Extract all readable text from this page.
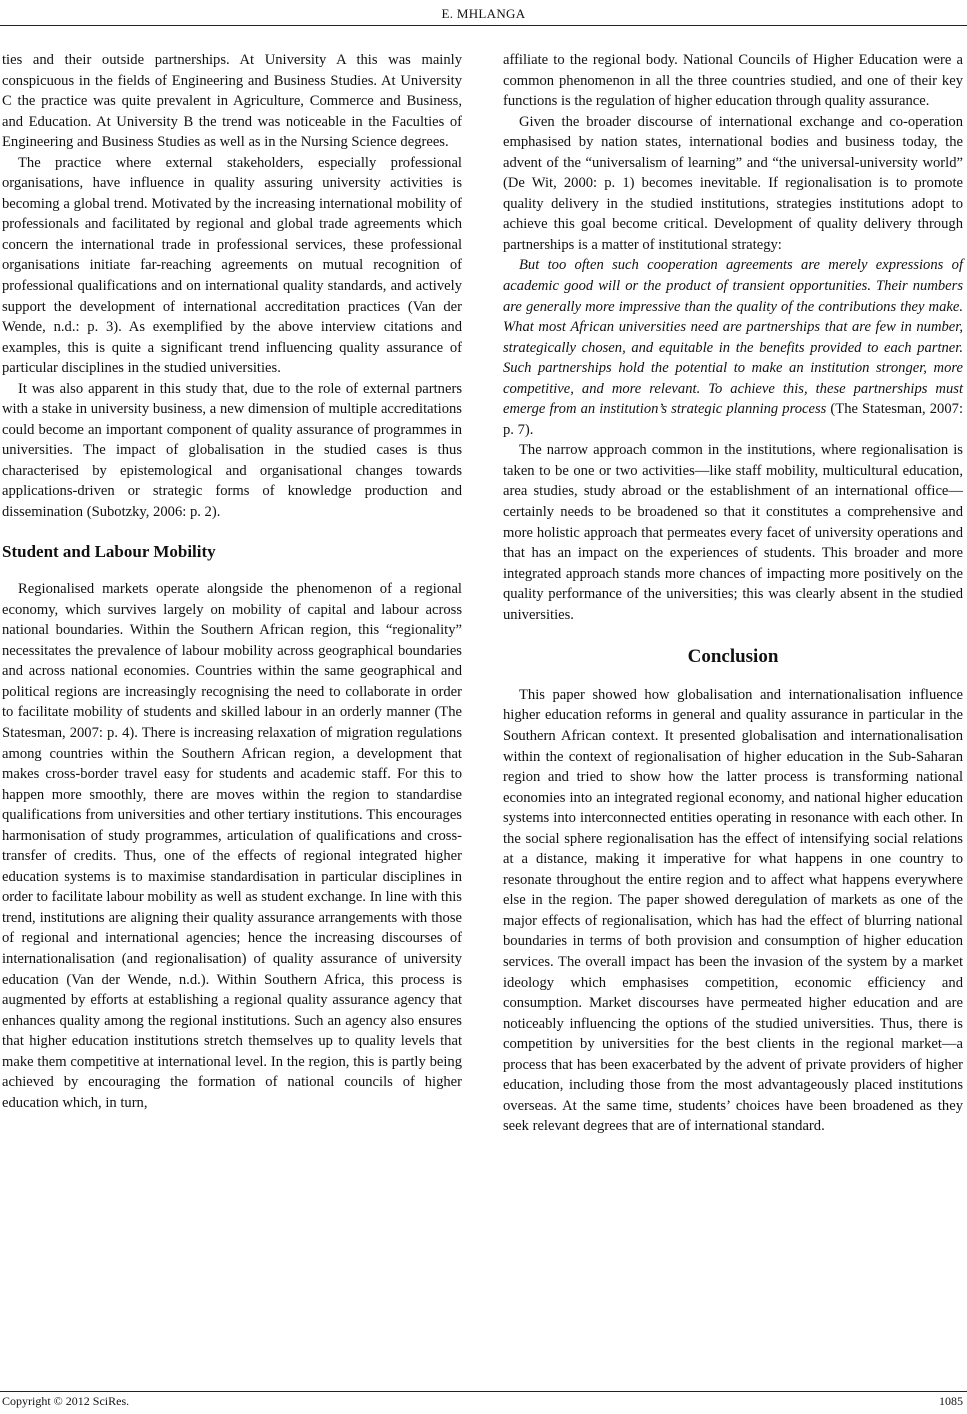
E. MHLANGA

ties and their outside partnerships. At University A this was mainly conspicuous in the fields of Engineering and Business Studies. At University C the practice was quite prevalent in Agriculture, Commerce and Business, and Education. At University B the trend was noticeable in the Faculties of Engineering and Business Studies as well as in the Nursing Science degrees.

The practice where external stakeholders, especially professional organisations, have influence in quality assuring university activities is becoming a global trend. Motivated by the increasing international mobility of professionals and facilitated by regional and global trade agreements which concern the international trade in professional services, these professional organisations initiate far-reaching agreements on mutual recognition of professional qualifications and on international quality standards, and actively support the development of international accreditation practices (Van der Wende, n.d.: p. 3). As exemplified by the above interview citations and examples, this is quite a significant trend influencing quality assurance of particular disciplines in the studied universities.

It was also apparent in this study that, due to the role of external partners with a stake in university business, a new dimension of multiple accreditations could become an important component of quality assurance of programmes in universities. The impact of globalisation in the studied cases is thus characterised by epistemological and organisational changes towards applications-driven or strategic forms of knowledge production and dissemination (Subotzky, 2006: p. 2).

Student and Labour Mobility

Regionalised markets operate alongside the phenomenon of a regional economy, which survives largely on mobility of capital and labour across national boundaries. Within the Southern African region, this “regionality” necessitates the prevalence of labour mobility across geographical boundaries and across national economies. Countries within the same geographical and political regions are increasingly recognising the need to collaborate in order to facilitate mobility of students and skilled labour in an orderly manner (The Statesman, 2007: p. 4). There is increasing relaxation of migration regulations among countries within the Southern African region, a development that makes cross-border travel easy for students and academic staff. For this to happen more smoothly, there are moves within the region to standardise qualifications from universities and other tertiary institutions. This encourages harmonisation of study programmes, articulation of qualifications and cross-transfer of credits. Thus, one of the effects of regional integrated higher education systems is to maximise standardisation in particular disciplines in order to facilitate labour mobility as well as student exchange. In line with this trend, institutions are aligning their quality assurance arrangements with those of regional and international agencies; hence the increasing discourses of internationalisation (and regionalisation) of quality assurance of university education (Van der Wende, n.d.). Within Southern Africa, this process is augmented by efforts at establishing a regional quality assurance agency that enhances quality among the regional institutions. Such an agency also ensures that higher education institutions stretch themselves up to quality levels that make them competitive at international level. In the region, this is partly being achieved by encouraging the formation of national councils of higher education which, in turn,

affiliate to the regional body. National Councils of Higher Education were a common phenomenon in all the three countries studied, and one of their key functions is the regulation of higher education through quality assurance.

Given the broader discourse of international exchange and co-operation emphasised by nation states, international bodies and business today, the advent of the “universalism of learning” and “the universal-university world” (De Wit, 2000: p. 1) becomes inevitable. If regionalisation is to promote quality delivery in the studied institutions, strategies institutions adopt to achieve this goal become critical. Development of quality delivery through partnerships is a matter of institutional strategy:

But too often such cooperation agreements are merely expressions of academic good will or the product of transient opportunities. Their numbers are generally more impressive than the quality of the contributions they make. What most African universities need are partnerships that are few in number, strategically chosen, and equitable in the benefits provided to each partner. Such partnerships hold the potential to make an institution stronger, more competitive, and more relevant. To achieve this, these partnerships must emerge from an institution’s strategic planning process (The Statesman, 2007: p. 7).

The narrow approach common in the institutions, where regionalisation is taken to be one or two activities—like staff mobility, multicultural education, area studies, study abroad or the establishment of an international office—certainly needs to be broadened so that it constitutes a comprehensive and more holistic approach that permeates every facet of university operations and that has an impact on the experiences of students. This broader and more integrated approach stands more chances of impacting more positively on the quality performance of the universities; this was clearly absent in the studied universities.

Conclusion

This paper showed how globalisation and internationalisation influence higher education reforms in general and quality assurance in particular in the Southern African context. It presented globalisation and internationalisation within the context of regionalisation of higher education in the Sub-Saharan region and tried to show how the latter process is transforming national economies into an integrated regional economy, and national higher education systems into interconnected entities operating in resonance with each other. In the social sphere regionalisation has the effect of intensifying social relations at a distance, making it imperative for what happens in one country to resonate throughout the entire region and to affect what happens everywhere else in the region. The paper showed deregulation of markets as one of the major effects of regionalisation, which has had the effect of blurring national boundaries in terms of both provision and consumption of higher education services. The overall impact has been the invasion of the system by a market ideology which emphasises competition, economic efficiency and consumption. Market discourses have permeated higher education and are noticeably influencing the options of the studied universities. Thus, there is competition by universities for the best clients in the regional market—a process that has been exacerbated by the advent of private providers of higher education, including those from the most advantageously placed institutions overseas. At the same time, students’ choices have been broadened as they seek relevant degrees that are of international standard.

Copyright © 2012 SciRes.	1085
